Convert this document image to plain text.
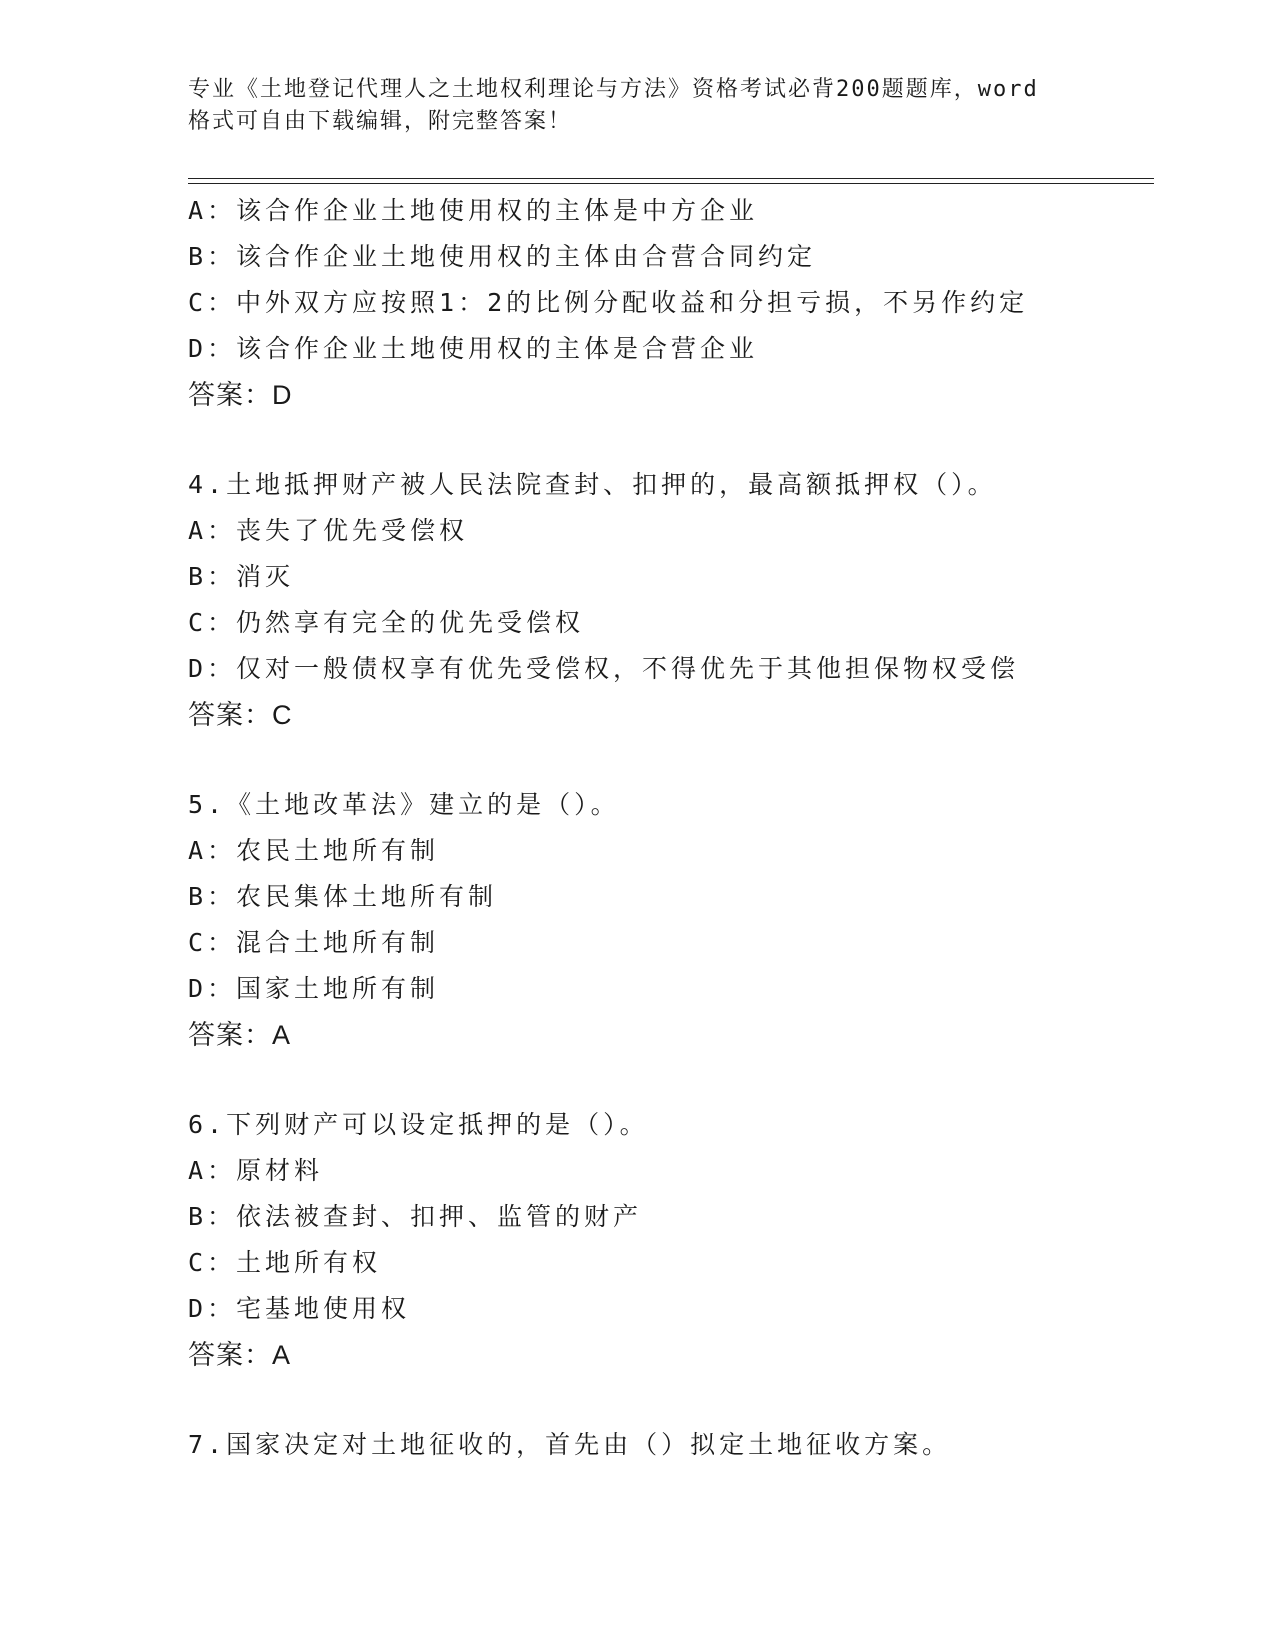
专业《土地登记代理人之土地权利理论与方法》资格考试必背200题题库，word
格式可自由下载编辑，附完整答案！
A：该合作企业土地使用权的主体是中方企业
B：该合作企业土地使用权的主体由合营合同约定
C：中外双方应按照1：2的比例分配收益和分担亏损，不另作约定
D：该合作企业土地使用权的主体是合营企业
答案：D
4.土地抵押财产被人民法院查封、扣押的，最高额抵押权（）。
A：丧失了优先受偿权
B：消灭
C：仍然享有完全的优先受偿权
D：仅对一般债权享有优先受偿权，不得优先于其他担保物权受偿
答案：C
5.《土地改革法》建立的是（）。
A：农民土地所有制
B：农民集体土地所有制
C：混合土地所有制
D：国家土地所有制
答案：A
6.下列财产可以设定抵押的是（）。
A：原材料
B：依法被查封、扣押、监管的财产
C：土地所有权
D：宅基地使用权
答案：A
7.国家决定对土地征收的，首先由（）拟定土地征收方案。
